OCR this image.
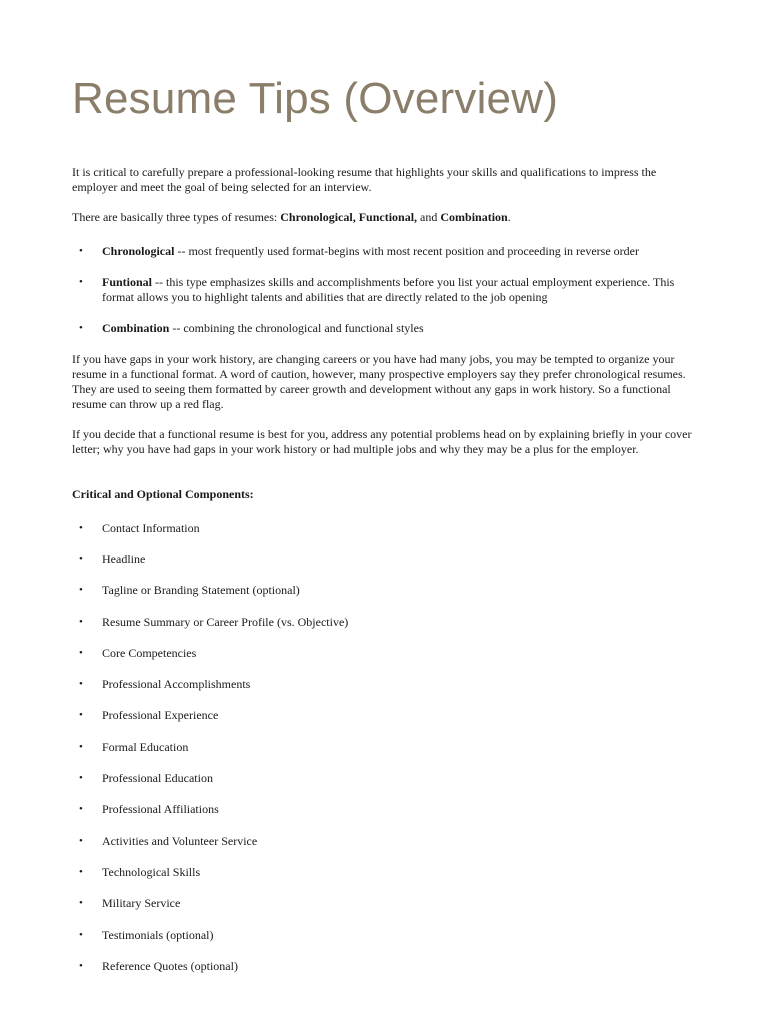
Resume Tips (Overview)

It is critical to carefully prepare a professional-looking resume that highlights your skills and qualifications to impress the employer and meet the goal of being selected for an interview.

There are basically three types of resumes: Chronological, Functional, and Combination.

• Chronological -- most frequently used format-begins with most recent position and proceeding in reverse order
• Funtional -- this type emphasizes skills and accomplishments before you list your actual employment experience. This format allows you to highlight talents and abilities that are directly related to the job opening
• Combination -- combining the chronological and functional styles

If you have gaps in your work history, are changing careers or you have had many jobs, you may be tempted to organize your resume in a functional format. A word of caution, however, many prospective employers say they prefer chronological resumes. They are used to seeing them formatted by career growth and development without any gaps in work history. So a functional resume can throw up a red flag.

If you decide that a functional resume is best for you, address any potential problems head on by explaining briefly in your cover letter; why you have had gaps in your work history or had multiple jobs and why they may be a plus for the employer.

Critical and Optional Components:

• Contact Information
• Headline
• Tagline or Branding Statement (optional)
• Resume Summary or Career Profile (vs. Objective)
• Core Competencies
• Professional Accomplishments
• Professional Experience
• Formal Education
• Professional Education
• Professional Affiliations
• Activities and Volunteer Service
• Technological Skills
• Military Service
• Testimonials (optional)
• Reference Quotes (optional)
